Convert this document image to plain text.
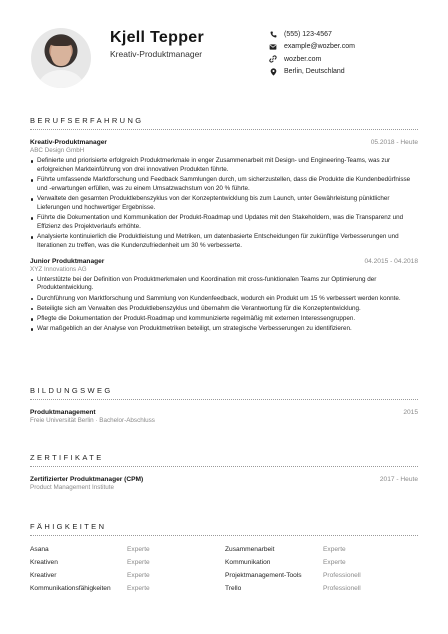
Kjell Tepper
Kreativ-Produktmanager
(555) 123-4567
example@wozber.com
wozber.com
Berlin, Deutschland
BERUFSERFAHRUNG
Kreativ-Produktmanager	05.2018 - Heute
ABC Design GmbH
Definierte und priorisierte erfolgreich Produktmerkmale in enger Zusammenarbeit mit Design- und Engineering-Teams, was zur erfolgreichen Markteinführung von drei innovativen Produkten führte.
Führte umfassende Marktforschung und Feedback Sammlungen durch, um sicherzustellen, dass die Produkte die Kundenbedürfnisse und -erwartungen erfüllen, was zu einem Umsatzwachstum von 20 % führte.
Verwaltete den gesamten Produktlebenszyklus von der Konzeptentwicklung bis zum Launch, unter Gewährleistung pünktlicher Lieferungen und hochwertiger Ergebnisse.
Führte die Dokumentation und Kommunikation der Produkt-Roadmap und Updates mit den Stakeholdern, was die Transparenz und Effizienz des Projektverlaufs erhöhte.
Analysierte kontinuierlich die Produktleistung und Metriken, um datenbasierte Entscheidungen für zukünftige Verbesserungen und Iterationen zu treffen, was die Kundenzufriedenheit um 30 % verbesserte.
Junior Produktmanager	04.2015 - 04.2018
XYZ Innovations AG
Unterstützte bei der Definition von Produktmerkmalen und Koordination mit cross-funktionalen Teams zur Optimierung der Produktentwicklung.
Durchführung von Marktforschung und Sammlung von Kundenfeedback, wodurch ein Produkt um 15 % verbessert werden konnte.
Beteiligte sich am Verwalten des Produktlebenszyklus und übernahm die Verantwortung für die Konzeptentwicklung.
Pflegte die Dokumentation der Produkt-Roadmap und kommunizierte regelmäßig mit externen Interessengruppen.
War maßgeblich an der Analyse von Produktmetriken beteiligt, um strategische Verbesserungen zu identifizieren.
BILDUNGSWEG
Produktmanagement	2015
Freie Universität Berlin · Bachelor-Abschluss
ZERTIFIKATE
Zertifizierter Produktmanager (CPM)	2017 - Heute
Product Management Institute
FÄHIGKEITEN
Asana	Experte	Zusammenarbeit	Experte
Kreativen	Experte	Kommunikation	Experte
Kreativer	Experte	Projektmanagement-Tools	Professionell
Kommunikationsfähigkeiten	Experte	Trello	Professionell
